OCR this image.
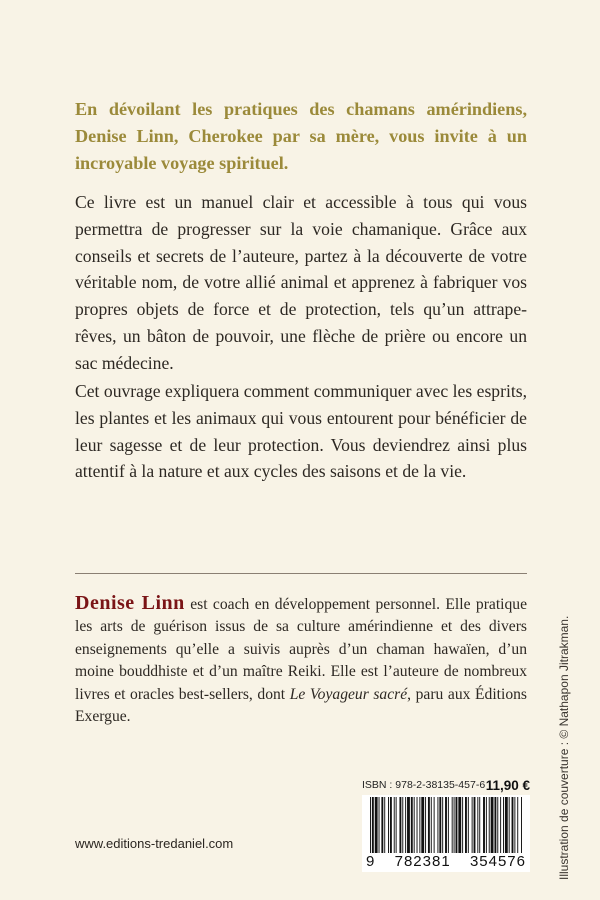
En dévoilant les pratiques des chamans amérindiens, Denise Linn, Cherokee par sa mère, vous invite à un incroyable voyage spirituel.
Ce livre est un manuel clair et accessible à tous qui vous permettra de progresser sur la voie chamanique. Grâce aux conseils et secrets de l’auteure, partez à la découverte de votre véritable nom, de votre allié animal et apprenez à fabriquer vos propres objets de force et de protection, tels qu’un attrape-rêves, un bâton de pouvoir, une flèche de prière ou encore un sac médecine.
Cet ouvrage expliquera comment communiquer avec les esprits, les plantes et les animaux qui vous entourent pour bénéficier de leur sagesse et de leur protection. Vous deviendrez ainsi plus attentif à la nature et aux cycles des saisons et de la vie.
Denise Linn est coach en développement personnel. Elle pratique les arts de guérison issus de sa culture amérindienne et des divers enseignements qu’elle a suivis auprès d’un chaman hawaïen, d’un moine bouddhiste et d’un maître Reiki. Elle est l’auteure de nombreux livres et oracles best-sellers, dont Le Voyageur sacré, paru aux Éditions Exergue.	Illustration de couverture : © Nathapon Jitrakman.
ISBN : 978-2-38135-457-6 11,90 €
9 782381 354576
www.editions-tredaniel.com
